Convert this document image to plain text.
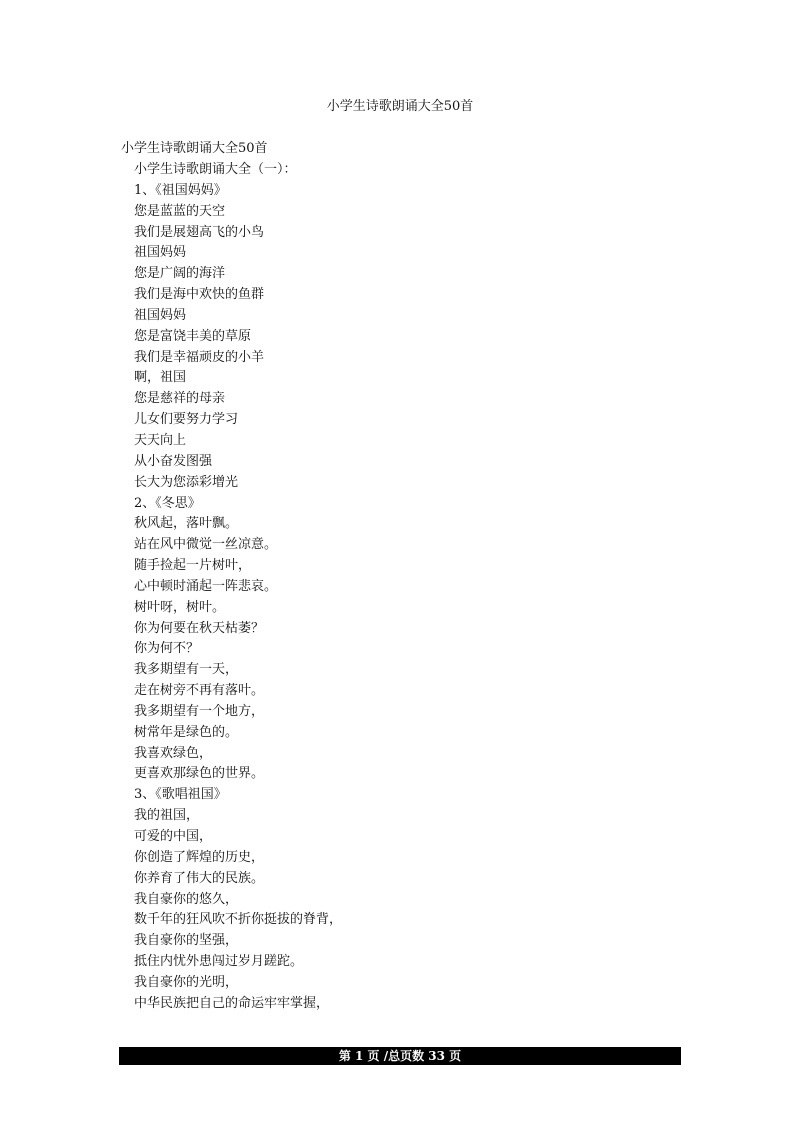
小学生诗歌朗诵大全50首

小学生诗歌朗诵大全50首

小学生诗歌朗诵大全（一）：
1、《祖国妈妈》
您是蓝蓝的天空
我们是展翅高飞的小鸟
祖国妈妈
您是广阔的海洋
我们是海中欢快的鱼群
祖国妈妈
您是富饶丰美的草原
我们是幸福顽皮的小羊
啊，祖国
您是慈祥的母亲
儿女们要努力学习
天天向上
从小奋发图强
长大为您添彩增光
2、《冬思》
秋风起，落叶飘。
站在风中微觉一丝凉意。
随手捡起一片树叶，
心中顿时涌起一阵悲哀。
树叶呀，树叶。
你为何要在秋天枯萎？
你为何不？
我多期望有一天，
走在树旁不再有落叶。
我多期望有一个地方，
树常年是绿色的。
我喜欢绿色，
更喜欢那绿色的世界。
3、《歌唱祖国》
我的祖国，
可爱的中国，
你创造了辉煌的历史，
你养育了伟大的民族。
我自豪你的悠久，
数千年的狂风吹不折你挺拔的脊背，
我自豪你的坚强，
抵住内忧外患闯过岁月蹉跎。
我自豪你的光明，
中华民族把自己的命运牢牢掌握，
第 1 页 /总页数 33 页
